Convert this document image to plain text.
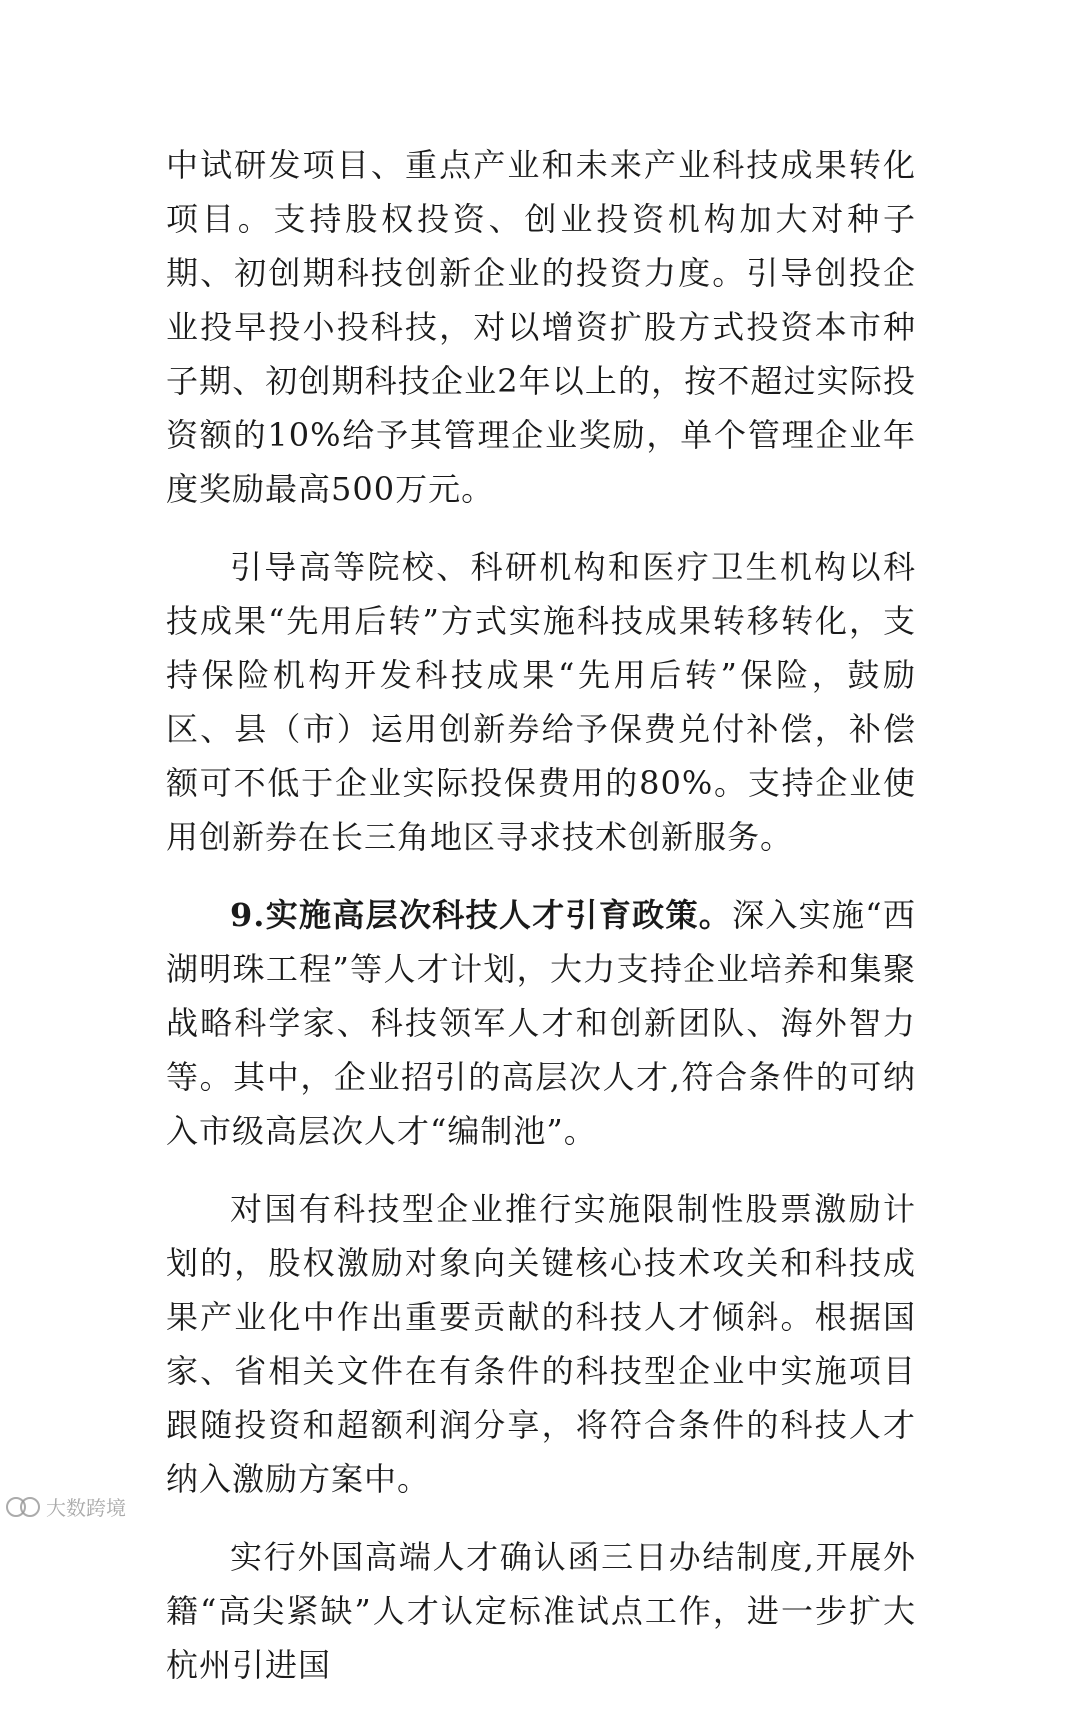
中试研发项目、重点产业和未来产业科技成果转化项目。支持股权投资、创业投资机构加大对种子期、初创期科技创新企业的投资力度。引导创投企业投早投小投科技，对以增资扩股方式投资本市种子期、初创期科技企业2年以上的，按不超过实际投资额的10%给予其管理企业奖励，单个管理企业年度奖励最高500万元。

引导高等院校、科研机构和医疗卫生机构以科技成果“先用后转”方式实施科技成果转移转化，支持保险机构开发科技成果“先用后转”保险，鼓励区、县（市）运用创新券给予保费兑付补偿，补偿额可不低于企业实际投保费用的80%。支持企业使用创新券在长三角地区寻求技术创新服务。

9.实施高层次科技人才引育政策。深入实施“西湖明珠工程”等人才计划，大力支持企业培养和集聚战略科学家、科技领军人才和创新团队、海外智力等。其中，企业招引的高层次人才,符合条件的可纳入市级高层次人才“编制池”。

对国有科技型企业推行实施限制性股票激励计划的，股权激励对象向关键核心技术攻关和科技成果产业化中作出重要贡献的科技人才倾斜。根据国家、省相关文件在有条件的科技型企业中实施项目跟随投资和超额利润分享，将符合条件的科技人才纳入激励方案中。

实行外国高端人才确认函三日办结制度,开展外籍“高尖紧缺”人才认定标准试点工作，进一步扩大杭州引进国

大数跨境
